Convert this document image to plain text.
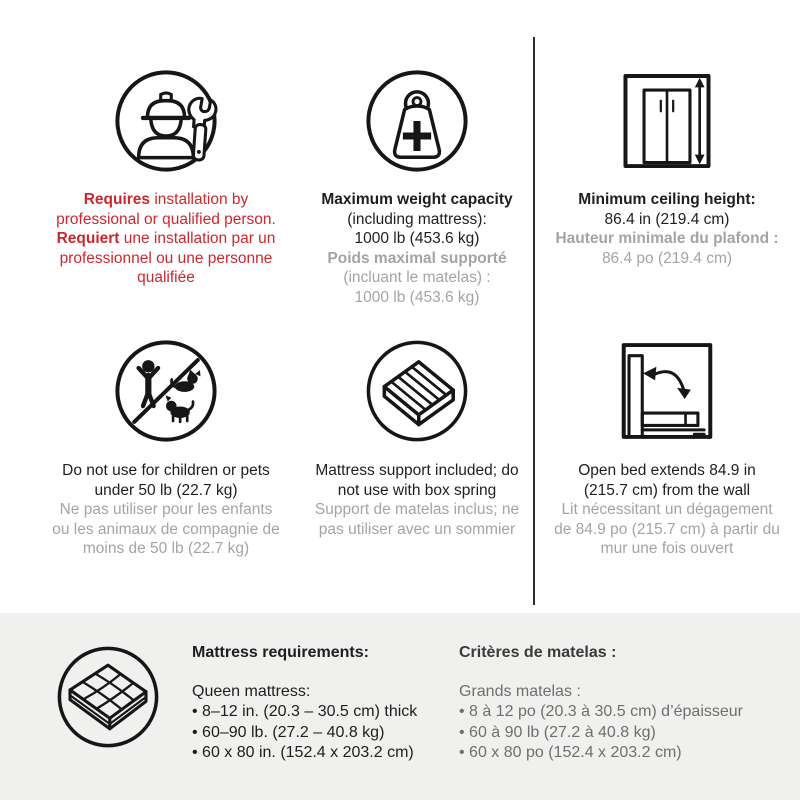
Requires installation by
professional or qualified person.
Requiert une installation par un
professionnel ou une personne
qualifiée
Maximum weight capacity
(including mattress):
1000 lb (453.6 kg)
Poids maximal supporté
(incluant le matelas) :
1000 lb (453.6 kg)
Minimum ceiling height:
86.4 in (219.4 cm)
Hauteur minimale du plafond :
86.4 po (219.4 cm)
Do not use for children or pets
under 50 lb (22.7 kg)
Ne pas utiliser pour les enfants
ou les animaux de compagnie de
moins de 50 lb (22.7 kg)
Mattress support included; do
not use with box spring
Support de matelas inclus; ne
pas utiliser avec un sommier
Open bed extends 84.9 in
(215.7 cm) from the wall
Lit nécessitant un dégagement
de 84.9 po (215.7 cm) à partir du
mur une fois ouvert

Mattress requirements:

Queen mattress:

• 8–12 in. (20.3 – 30.5 cm) thick
• 60–90 lb. (27.2 – 40.8 kg)
• 60 x 80 in. (152.4 x 203.2 cm)

Critères de matelas :

Grands matelas :

• 8 à 12 po (20.3 à 30.5 cm) d’épaisseur
• 60 à 90 lb (27.2 à 40.8 kg)
• 60 x 80 po (152.4 x 203.2 cm)
